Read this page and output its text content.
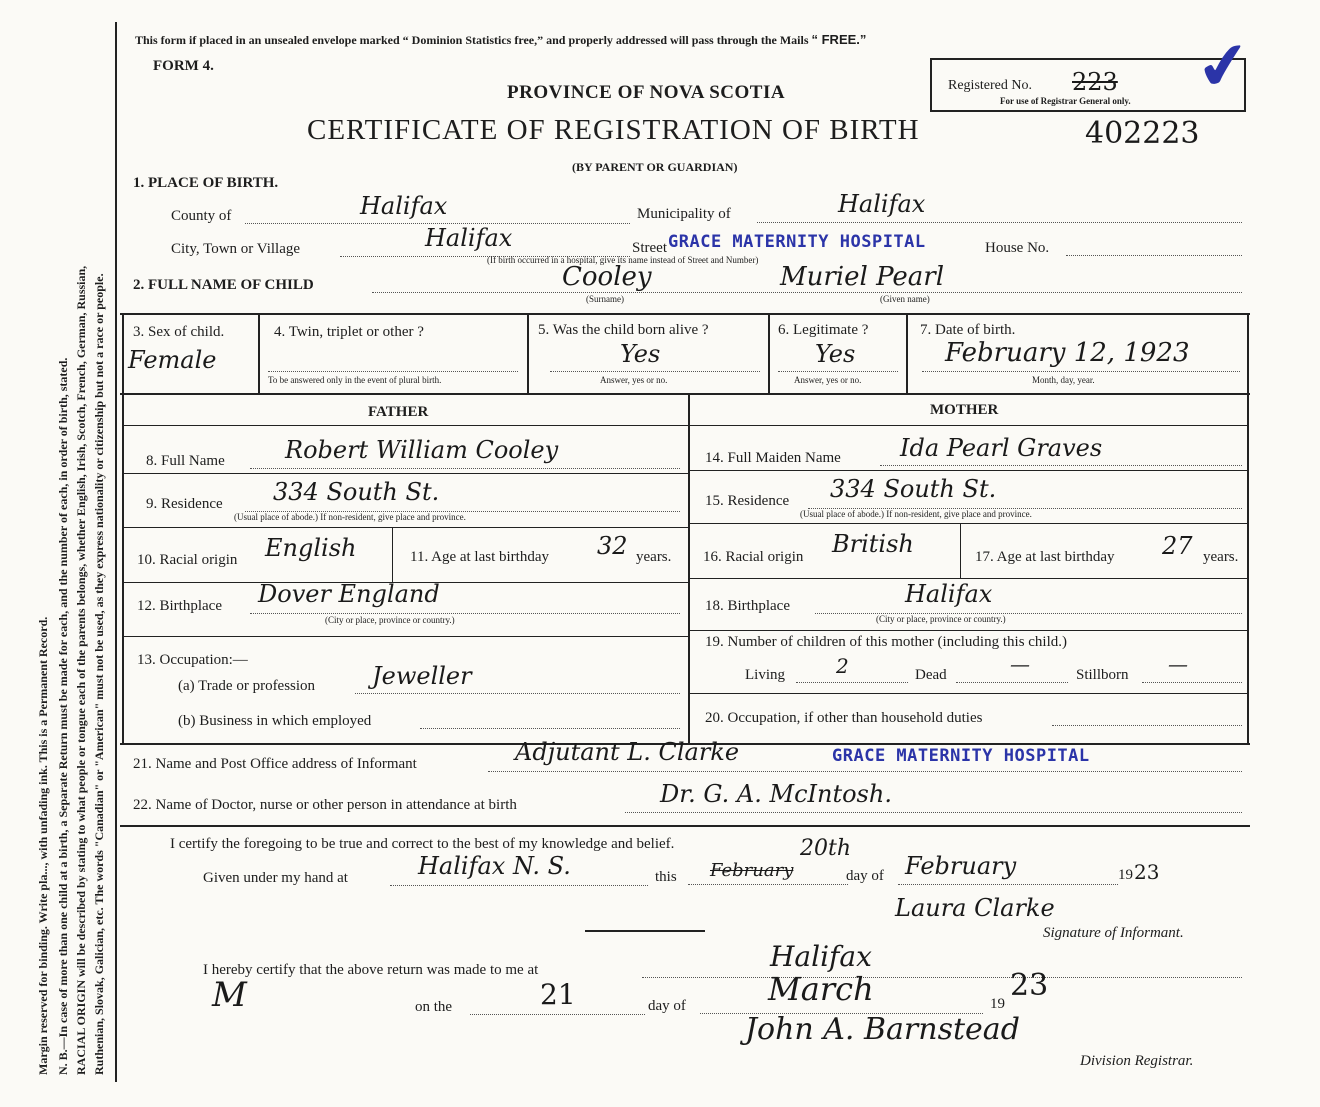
Margin reserved for binding. Write pla..., with unfading ink. This is a Permanent Record. N. B.—In case of more than one child at a birth, a Separate Return must be made for each, and the number of each, in order of birth, stated. RACIAL ORIGIN will be described by stating to what people or tongue each of the parents belongs, whether English, Irish, Scotch, French, German, Russian, Ruthenian, Slovak, Galician, etc. The words "Canadian" or "American" must not be used, as they express nationality or citizenship but not a race or people.
This form if placed in an unsealed envelope marked “ Dominion Statistics free,” and properly addressed will pass through the Mails “ FREE.”
FORM 4.
PROVINCE OF NOVA SCOTIA
CERTIFICATE OF REGISTRATION OF BIRTH	402223
(BY PARENT OR GUARDIAN)
Registered No. 223
For use of Registrar General only. ✔
1. PLACE OF BIRTH.
County of	Halifax	Municipality of	Halifax
City, Town or Village	Halifax	Street GRACE MATERNITY HOSPITAL	House No.
(If birth occurred in a hospital, give its name instead of Street and Number)
2. FULL NAME OF CHILD	Cooley	Muriel Pearl
(Surname)	(Given name)
3. Sex of child.
Female
4. Twin, triplet or other ?
To be answered only in the event of plural birth.
5. Was the child born alive ?
Yes
Answer, yes or no.
6. Legitimate ?
Yes
Answer, yes or no.
7. Date of birth.
February 12, 1923
Month, day, year.
FATHER
8. Full Name	Robert William Cooley
9. Residence 334 South St.
(Usual place of abode.) If non-resident, give place and province.
10. Racial origin English	11. Age at last birthday 32 years.
12. Birthplace Dover England
(City or place, province or country.)
13. Occupation:—
(a) Trade or profession Jeweller
(b) Business in which employed
MOTHER
14. Full Maiden Name Ida Pearl Graves
15. Residence 334 South St.
(Usual place of abode.) If non-resident, give place and province.
16. Racial origin British	17. Age at last birthday 27 years.
18. Birthplace	Halifax
(City or place, province or country.)
19. Number of children of this mother (including this child.)
Living	2	Dead	—	Stillborn —
20. Occupation, if other than household duties
21. Name and Post Office address of Informant	Adjutant L. Clarke	GRACE MATERNITY HOSPITAL
22. Name of Doctor, nurse or other person in attendance at birth	Dr. G. A. McIntosh.
I certify the foregoing to be true and correct to the best of my knowledge and belief.
Given under my hand at	Halifax N. S.	this February
20th
day of February	19 23
Laura Clarke
Signature of Informant.
I hereby certify that the above return was made to me at	Halifax
M	on the	21	day of	March	19
23
John A. Barnstead
Division Registrar.
